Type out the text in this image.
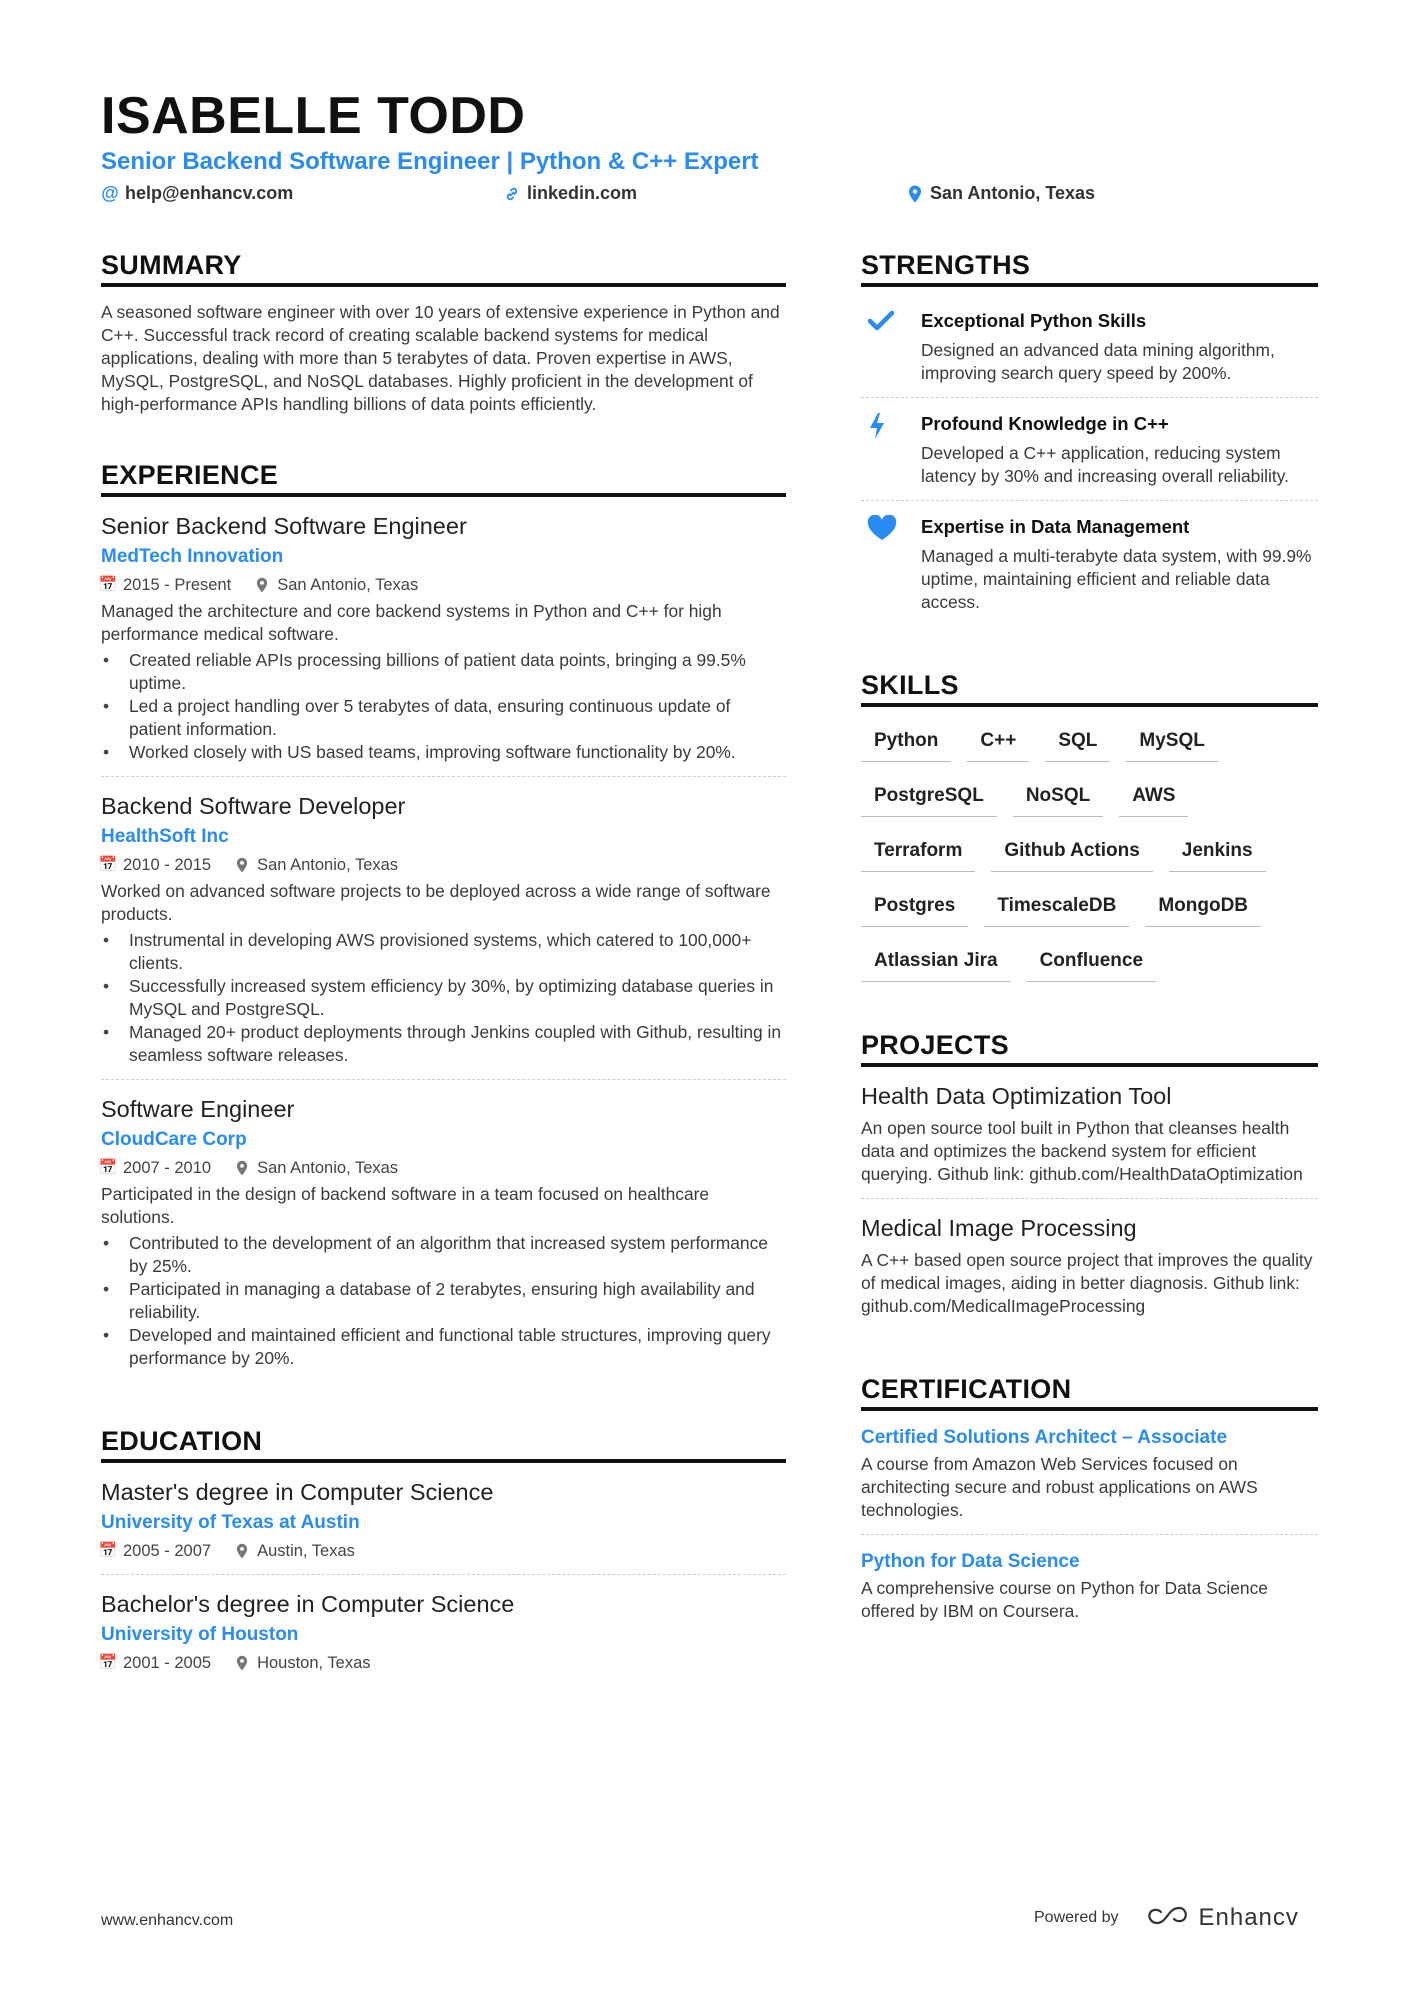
ISABELLE TODD
Senior Backend Software Engineer | Python & C++ Expert
@ help@enhancv.com	linkedin.com	San Antonio, Texas
SUMMARY
A seasoned software engineer with over 10 years of extensive experience in Python and C++. Successful track record of creating scalable backend systems for medical applications, dealing with more than 5 terabytes of data. Proven expertise in AWS, MySQL, PostgreSQL, and NoSQL databases. Highly proficient in the development of high-performance APIs handling billions of data points efficiently.
EXPERIENCE
Senior Backend Software Engineer
MedTech Innovation
📅 2015 - Present	San Antonio, Texas
Managed the architecture and core backend systems in Python and C++ for high performance medical software.
• Created reliable APIs processing billions of patient data points, bringing a 99.5% uptime.
• Led a project handling over 5 terabytes of data, ensuring continuous update of patient information.
• Worked closely with US based teams, improving software functionality by 20%.
Backend Software Developer
HealthSoft Inc
📅 2010 - 2015	San Antonio, Texas
Worked on advanced software projects to be deployed across a wide range of software products.
• Instrumental in developing AWS provisioned systems, which catered to 100,000+ clients.
• Successfully increased system efficiency by 30%, by optimizing database queries in MySQL and PostgreSQL.
• Managed 20+ product deployments through Jenkins coupled with Github, resulting in seamless software releases.
Software Engineer
CloudCare Corp
📅 2007 - 2010	San Antonio, Texas
Participated in the design of backend software in a team focused on healthcare solutions.
• Contributed to the development of an algorithm that increased system performance by 25%.
• Participated in managing a database of 2 terabytes, ensuring high availability and reliability.
• Developed and maintained efficient and functional table structures, improving query performance by 20%.
EDUCATION
Master's degree in Computer Science
University of Texas at Austin
📅 2005 - 2007	Austin, Texas
Bachelor's degree in Computer Science
University of Houston
📅 2001 - 2005	Houston, Texas
STRENGTHS
Exceptional Python Skills
Designed an advanced data mining algorithm, improving search query speed by 200%.
Profound Knowledge in C++
Developed a C++ application, reducing system latency by 30% and increasing overall reliability.
Expertise in Data Management
Managed a multi-terabyte data system, with 99.9% uptime, maintaining efficient and reliable data access.
SKILLS
Python	C++	SQL	MySQL
PostgreSQL	NoSQL	AWS
Terraform	Github Actions	Jenkins
Postgres	TimescaleDB	MongoDB
Atlassian Jira	Confluence
PROJECTS
Health Data Optimization Tool
An open source tool built in Python that cleanses health data and optimizes the backend system for efficient querying. Github link: github.com/HealthDataOptimization
Medical Image Processing
A C++ based open source project that improves the quality of medical images, aiding in better diagnosis. Github link: github.com/MedicalImageProcessing
CERTIFICATION
Certified Solutions Architect – Associate
A course from Amazon Web Services focused on architecting secure and robust applications on AWS technologies.
Python for Data Science
A comprehensive course on Python for Data Science offered by IBM on Coursera.
www.enhancv.com	Powered by	Enhancv
